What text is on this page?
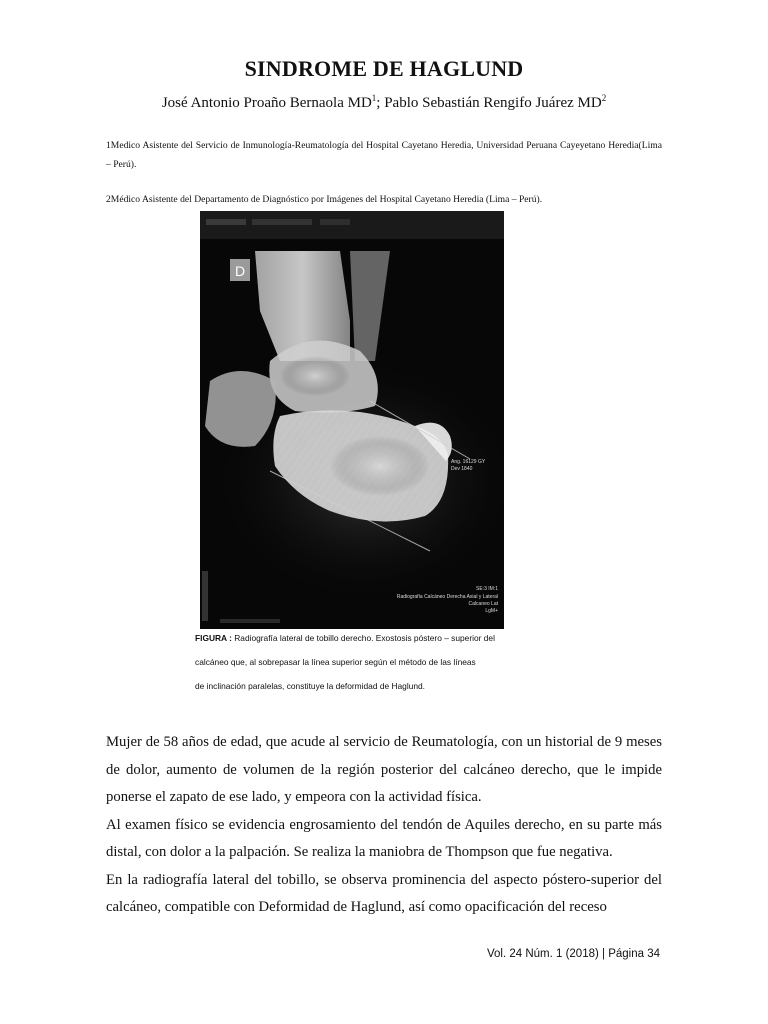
SINDROME DE HAGLUND
José Antonio Proaño Bernaola $MD^1$; Pablo Sebastián Rengifo Juárez $MD^2$
1Medico Asistente del Servicio de Inmunología-Reumatología del Hospital Cayetano Heredia, Universidad Peruana Cayeyetano Heredia(Lima – Perú).
2Médico Asistente del Departamento de Diagnóstico por Imágenes del Hospital Cayetano Heredia (Lima – Perú).
D
Ang. 16129 GY
Dev 1840
SE:3 IM:1
Radiografía Calcáneo Derecha Axial y Lateral
Calcaneo Lat
LgM+
FIGURA : Radiografía lateral de tobillo derecho. Exostosis póstero – superior del
calcáneo que, al sobrepasar la línea superior según el método de las líneas
de inclinación paralelas, constituye la deformidad de Haglund.

Mujer de 58 años de edad, que acude al servicio de Reumatología, con un historial de 9 meses de dolor, aumento de volumen de la región posterior del calcáneo derecho, que le impide ponerse el zapato de ese lado, y empeora con la actividad física.

Al examen físico se evidencia engrosamiento del tendón de Aquiles derecho, en su parte más distal, con dolor a la palpación. Se realiza la maniobra de Thompson que fue negativa.

En la radiografía lateral del tobillo, se observa prominencia del aspecto póstero-superior del calcáneo, compatible con Deformidad de Haglund, así como opacificación del receso

Vol. 24 Núm. 1 (2018) | Página 34
